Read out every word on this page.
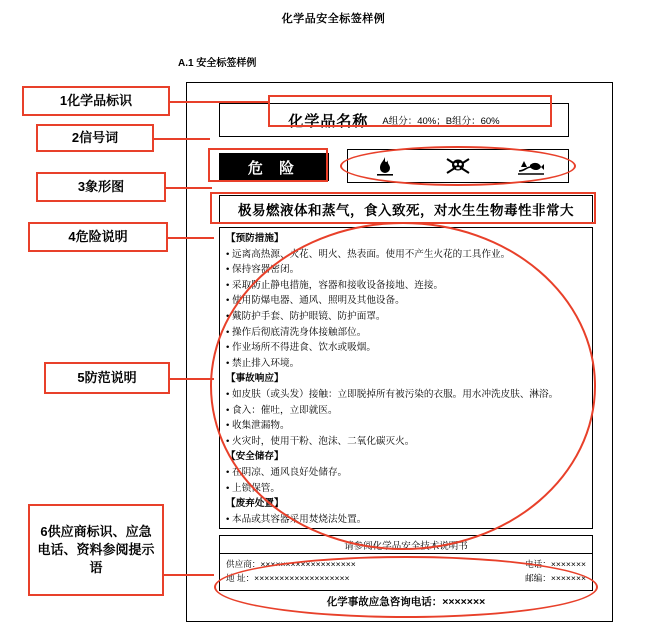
化学品安全标签样例
A.1 安全标签样例
化学品名称 A组分：40%；B组分：60%
危 险
极易燃液体和蒸气，食入致死，对水生生物毒性非常大
【预防措施】
• 远离高热源、火花、明火、热表面。使用不产生火花的工具作业。
• 保持容器密闭。
• 采取防止静电措施，容器和接收设备接地、连接。
• 使用防爆电器、通风、照明及其他设备。
• 戴防护手套、防护眼镜、防护面罩。
• 操作后彻底清洗身体接触部位。
• 作业场所不得进食、饮水或吸烟。
• 禁止排入环境。
【事故响应】
• 如皮肤（或头发）接触：立即脱掉所有被污染的衣服。用水冲洗皮肤、淋浴。
• 食入：催吐，立即就医。
• 收集泄漏物。
• 火灾时，使用干粉、泡沫、二氧化碳灭火。
【安全储存】
• 在阴凉、通风良好处储存。
• 上锁保管。
【废弃处置】
• 本品或其容器采用焚烧法处置。
请参阅化学品安全技术说明书
供应商：×××××××××××××××××××	电话：×××××××
地 址：×××××××××××××××××××	邮编：×××××××
化学事故应急咨询电话：×××××××
1化学品标识
2信号词
3象形图
4危险说明
5防范说明
6供应商标识、应急电话、资料参阅提示语
